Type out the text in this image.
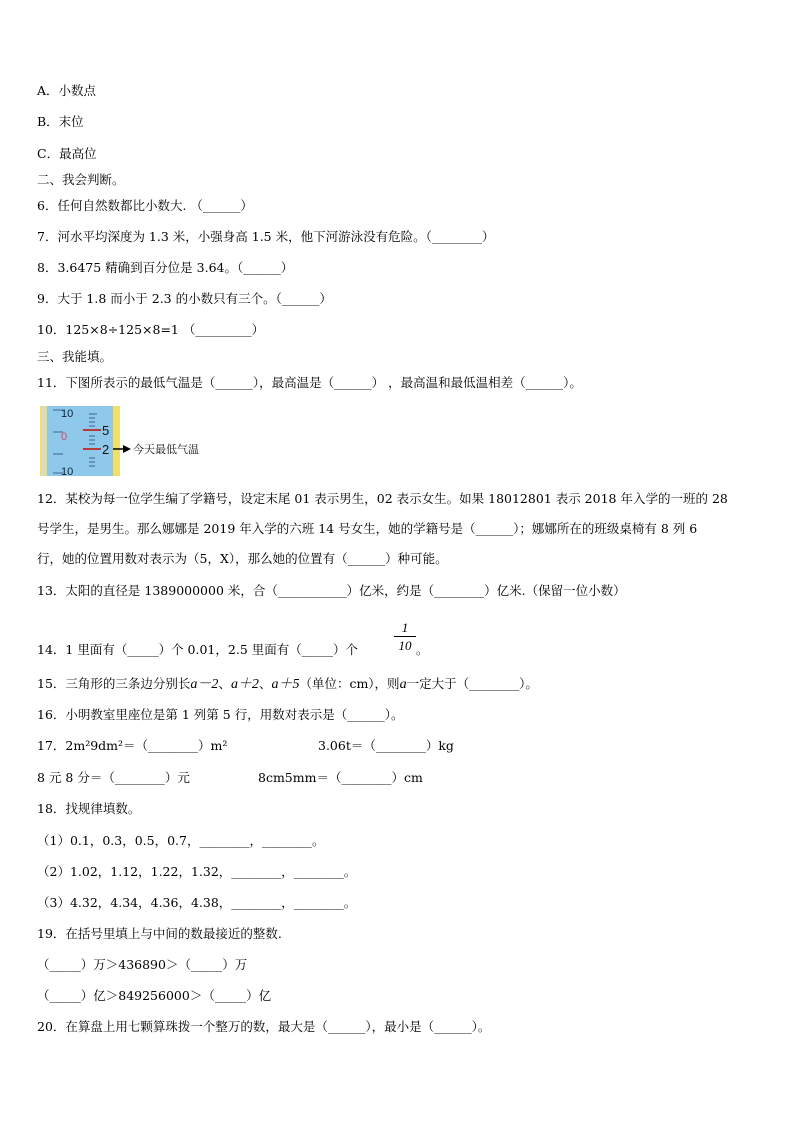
A．小数点
B．末位
C．最高位
二、我会判断。
6．任何自然数都比小数大. （______）
7．河水平均深度为 1.3 米，小强身高 1.5 米，他下河游泳没有危险。（________）
8．3.6475 精确到百分位是 3.64。（______）
9．大于 1.8 而小于 2.3 的小数只有三个。（______）
10．125×8÷125×8=1 （_________）
三、我能填。
11．下图所表示的最低气温是（______），最高温是（______） ，最高温和最低温相差（______）。
10
0
10
5
2 今天最低气温
12．某校为每一位学生编了学籍号，设定末尾 01 表示男生，02 表示女生。如果 18012801 表示 2018 年入学的一班的 28
号学生，是男生。那么娜娜是 2019 年入学的六班 14 号女生，她的学籍号是（______）；娜娜所在的班级桌椅有 8 列 6
行，她的位置用数对表示为（5，X），那么她的位置有（______）种可能。
13．太阳的直径是 1389000000 米，合（___________）亿米，约是（________）亿米.（保留一位小数）
14．1 里面有（_____）个 0.01，2.5 里面有（_____）个
1
10 。
15．三角形的三条边分别长a－2、a＋2、a＋5（单位：cm），则a一定大于（________）。
16．小明教室里座位是第 1 列第 5 行，用数对表示是（______）。
17．2m²9dm²＝（________）m²	3.06t＝（________）kg
8 元 8 分＝（________）元	8cm5mm＝（________）cm
18．找规律填数。
（1）0.1，0.3，0.5，0.7，________，________。
（2）1.02，1.12，1.22，1.32，________，________。
（3）4.32，4.34，4.36，4.38，________，________。
19．在括号里填上与中间的数最接近的整数.
（_____）万＞436890＞（_____）万
（_____）亿＞849256000＞（_____）亿
20．在算盘上用七颗算珠拨一个整万的数，最大是（______），最小是（______）。
